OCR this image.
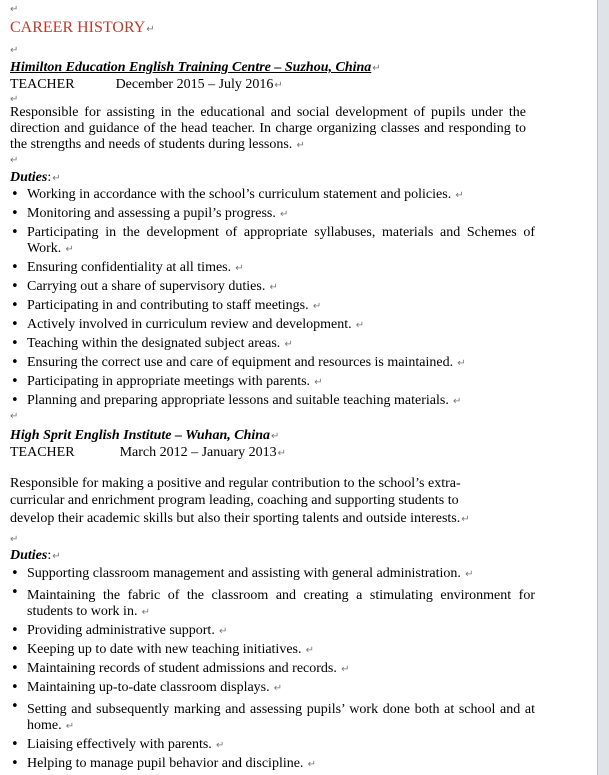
↵
CAREER HISTORY↵
↵
Himilton Education English Training Centre – Suzhou, China↵
TEACHER	December 2015 – July 2016↵
↵
Responsible for assisting in the educational and social development of pupils under the direction and guidance of the head teacher. In charge organizing classes and responding to the strengths and needs of students during lessons. ↵
↵
Duties:↵
• Working in accordance with the school’s curriculum statement and policies. ↵
• Monitoring and assessing a pupil’s progress. ↵
• Participating in the development of appropriate syllabuses, materials and Schemes of Work. ↵
• Ensuring confidentiality at all times. ↵
• Carrying out a share of supervisory duties. ↵
• Participating in and contributing to staff meetings. ↵
• Actively involved in curriculum review and development. ↵
• Teaching within the designated subject areas. ↵
• Ensuring the correct use and care of equipment and resources is maintained. ↵
• Participating in appropriate meetings with parents. ↵
• Planning and preparing appropriate lessons and suitable teaching materials. ↵
↵
High Sprit English Institute – Wuhan, China↵
TEACHER	March 2012 – January 2013↵
Responsible for making a positive and regular contribution to the school’s extra-
curricular and enrichment program leading, coaching and supporting students to
develop their academic skills but also their sporting talents and outside interests.↵
↵
Duties:↵
• Supporting classroom management and assisting with general administration. ↵
• Maintaining the fabric of the classroom and creating a stimulating environment for students to work in. ↵
• Providing administrative support. ↵
• Keeping up to date with new teaching initiatives. ↵
• Maintaining records of student admissions and records. ↵
• Maintaining up-to-date classroom displays. ↵
• Setting and subsequently marking and assessing pupils’ work done both at school and at home. ↵
• Liaising effectively with parents. ↵
• Helping to manage pupil behavior and discipline. ↵
